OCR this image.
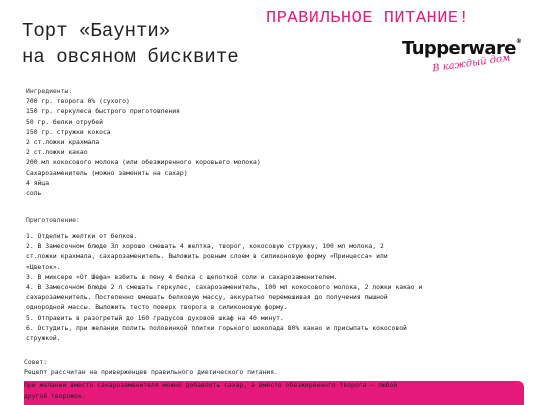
Торт «Баунти»
на овсяном бисквите
ПРАВИЛЬНОЕ ПИТАНИЕ!
Tupperware®
В каждый дом
Ингредиенты:
700 гр. творога 0% (сухого)
150 гр. геркулеса быстрого приготовления
50 гр. белки отрубей
150 гр. стружки кокоса
2 ст.ложки крахмала
2 ст.ложки какао
200 мл кокосового молока (или обезжиренного коровьего молока)
Сахарозаменитель (можно заменить на сахар)
4 яйца
соль
Приготовление:

1. Отделить желтки от белков.

2. В Замесочном блюде 3л хорошо смешать 4 желтка, творог, кокосовую стружку, 100 мл молока, 2

ст.ложки крахмала, сахарозаменитель. Выложить ровным слоем в силиконовую форму «Принцесса» или

«Цветок».

3. В миксере «От Шефа» взбить в пену 4 белка с щепоткой соли и сахарозаменителем.

4. В Замесочном блюде 2 л смешать геркулес, сахарозаменитель, 100 мл кокосового молока, 2 ложки какао и

сахарозаменитель. Постепенно вмешать белковую массу, аккуратно перемешивая до получения пышной

однородной массы. Выложить тесто поверх творога в силиконовую форму.

5. Отправить в разогретый до 160 градусов духовой шкаф на 40 минут.

6. Остудить, при желании полить половинкой плитки горького шоколада 80% какао и присыпать кокосовой

стружкой.

Совет:
Рецепт рассчитан на приверженцев правильного диетического питания.
При желании вместо сахарозаменителя можно добавлять сахар, а вместо обезжиренного творога — любой
другой творожок.
